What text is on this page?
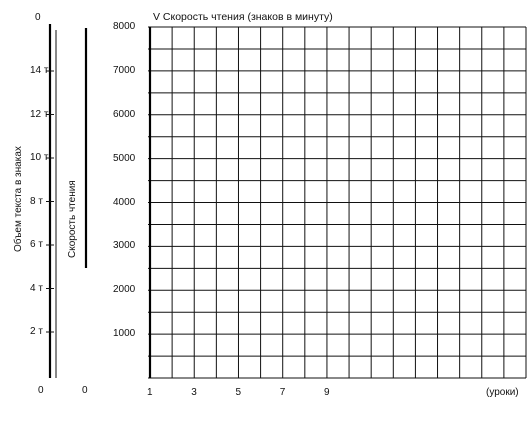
0
0	0
Объем текста в знаках	Скорость чтения
V Скорость чтения (знаков в минуту)
(уроки)
14 т
12 т
10 т
8 т
6 т
4 т
2 т
8000
7000
6000
5000
4000
3000
2000
1000
1	3	5	7	9
